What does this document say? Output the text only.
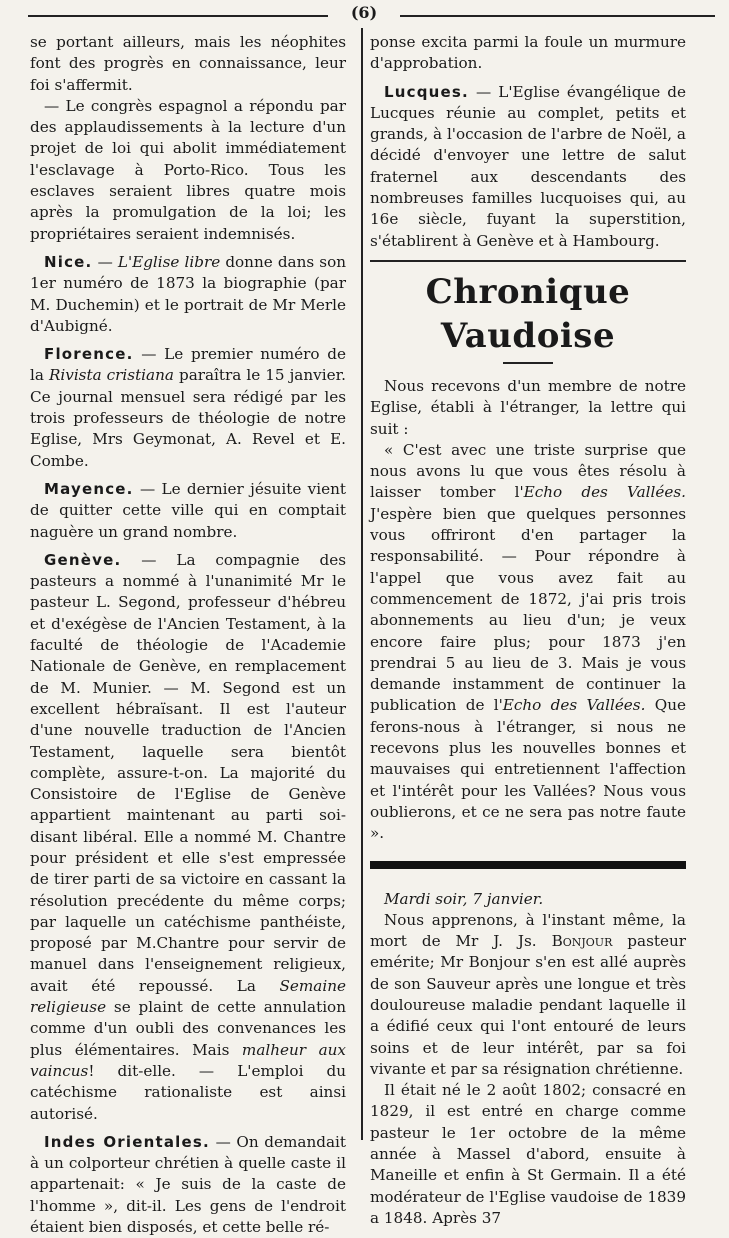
(6)

se portant ailleurs, mais les néophites font des progrès en connaissance, leur foi s'affermit.

— Le congrès espagnol a répondu par des applaudissements à la lecture d'un projet de loi qui abolit immédiatement l'esclavage à Porto-Rico. Tous les esclaves seraient libres quatre mois après la promulgation de la loi; les propriétaires seraient indemnisés.

Nice. — L'Eglise libre donne dans son 1er numéro de 1873 la biographie (par M. Duchemin) et le portrait de Mr Merle d'Aubigné.

Florence. — Le premier numéro de la Rivista cristiana paraîtra le 15 janvier. Ce journal mensuel sera rédigé par les trois professeurs de théologie de notre Eglise, Mrs Geymonat, A. Revel et E. Combe.

Mayence. — Le dernier jésuite vient de quitter cette ville qui en comptait naguère un grand nombre.

Genève. — La compagnie des pasteurs a nommé à l'unanimité Mr le pasteur L. Segond, professeur d'hébreu et d'exégèse de l'Ancien Testament, à la faculté de théologie de l'Academie Nationale de Genève, en remplacement de M. Munier. — M. Segond est un excellent hébraïsant. Il est l'auteur d'une nouvelle traduction de l'Ancien Testament, laquelle sera bientôt complète, assure-t-on. La majorité du Consistoire de l'Eglise de Genève appartient maintenant au parti soi-disant libéral. Elle a nommé M. Chantre pour président et elle s'est empressée de tirer parti de sa victoire en cassant la résolution precédente du même corps; par laquelle un catéchisme panthéiste, proposé par M.Chantre pour servir de manuel dans l'enseignement religieux, avait été repoussé. La Semaine religieuse se plaint de cette annulation comme d'un oubli des convenances les plus élémentaires. Mais malheur aux vaincus! dit-elle. — L'emploi du catéchisme rationaliste est ainsi autorisé.

Indes Orientales. — On demandait à un colporteur chrétien à quelle caste il appartenait: « Je suis de la caste de l'homme », dit-il. Les gens de l'endroit étaient bien disposés, et cette belle ré-

ponse excita parmi la foule un murmure d'approbation.

Lucques. — L'Eglise évangélique de Lucques réunie au complet, petits et grands, à l'occasion de l'arbre de Noël, a décidé d'envoyer une lettre de salut fraternel aux descendants des nombreuses familles lucquoises qui, au 16e siècle, fuyant la superstition, s'établirent à Genève et à Hambourg.

Chronique Vaudoise

Nous recevons d'un membre de notre Eglise, établi à l'étranger, la lettre qui suit :

« C'est avec une triste surprise que nous avons lu que vous êtes résolu à laisser tomber l'Echo des Vallées. J'espère bien que quelques personnes vous offriront d'en partager la responsabilité. — Pour répondre à l'appel que vous avez fait au commencement de 1872, j'ai pris trois abonnements au lieu d'un; je veux encore faire plus; pour 1873 j'en prendrai 5 au lieu de 3. Mais je vous demande instamment de continuer la publication de l'Echo des Vallées. Que ferons-nous à l'étranger, si nous ne recevons plus les nouvelles bonnes et mauvaises qui entretiennent l'affection et l'intérêt pour les Vallées? Nous vous oublierons, et ce ne sera pas notre faute ».

Mardi soir, 7 janvier.

Nous apprenons, à l'instant même, la mort de Mr J. Js. Bonjour pasteur emérite; Mr Bonjour s'en est allé auprès de son Sauveur après une longue et très douloureuse maladie pendant laquelle il a édifié ceux qui l'ont entouré de leurs soins et de leur intérêt, par sa foi vivante et par sa résignation chrétienne.

Il était né le 2 août 1802; consacré en 1829, il est entré en charge comme pasteur le 1er octobre de la même année à Massel d'abord, ensuite à Maneille et enfin à St Germain. Il a été modérateur de l'Eglise vaudoise de 1839 a 1848. Après 37
